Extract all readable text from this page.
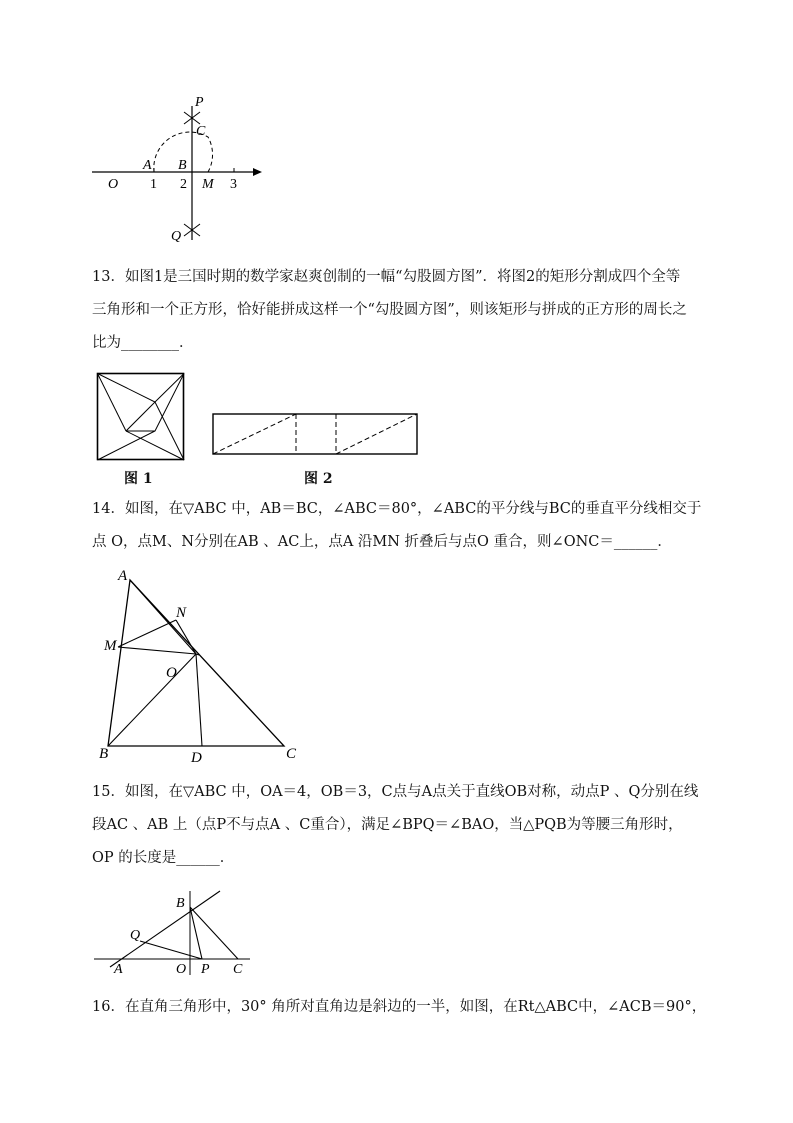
P
C
A B
O 1 2 M 3
Q
13．如图1是三国时期的数学家赵爽创制的一幅“勾股圆方图”．将图2的矩形分割成四个全等
三角形和一个正方形，恰好能拼成这样一个“勾股圆方图”，则该矩形与拼成的正方形的周长之
比为________．
图 1	图 2
14．如图，在▽ABC 中，AB＝BC，∠ABC＝80°，∠ABC的平分线与BC的垂直平分线相交于
点 O，点M、N分别在AB 、AC上，点A 沿MN 折叠后与点O 重合，则∠ONC＝______．
A
N
M
O
B	D	C
15．如图，在▽ABC 中，OA＝4，OB＝3，C点与A点关于直线OB对称，动点P 、Q分别在线
段AC 、AB 上（点P不与点A 、C重合），满足∠BPQ＝∠BAO，当△PQB为等腰三角形时，
OP 的长度是______．
B
Q
A	O P C
16．在直角三角形中，30° 角所对直角边是斜边的一半，如图，在Rt△ABC中，∠ACB＝90°，
